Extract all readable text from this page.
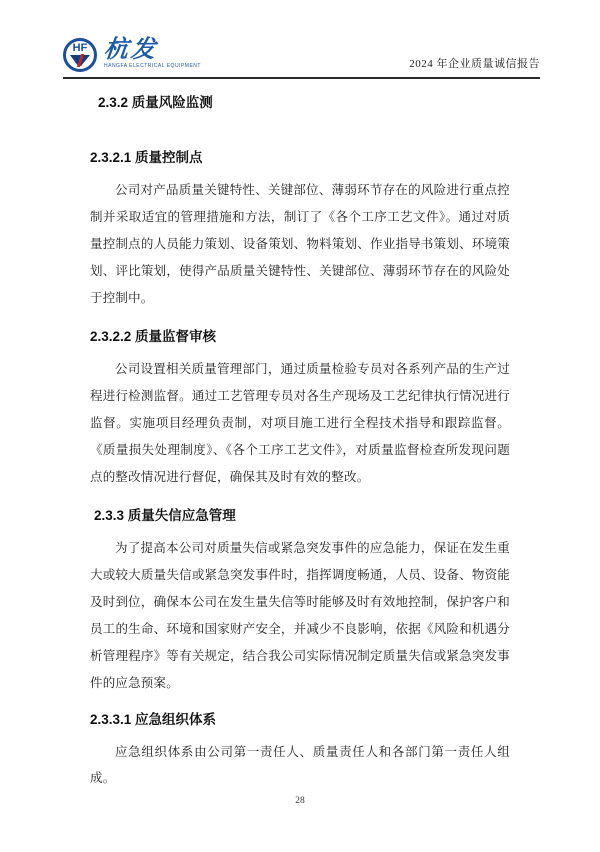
HF 杭发
HANGFA ELECTRICAL EQUIPMENT	2024 年企业质量诚信报告
2.3.2 质量风险监测
2.3.2.1 质量控制点

公司对产品质量关键特性、关键部位、薄弱环节存在的风险进行重点控制并采取适宜的管理措施和方法，制订了《各个工序工艺文件》。通过对质量控制点的人员能力策划、设备策划、物料策划、作业指导书策划、环境策划、评比策划，使得产品质量关键特性、关键部位、薄弱环节存在的风险处于控制中。

2.3.2.2 质量监督审核

公司设置相关质量管理部门，通过质量检验专员对各系列产品的生产过程进行检测监督。通过工艺管理专员对各生产现场及工艺纪律执行情况进行监督。实施项目经理负责制，对项目施工进行全程技术指导和跟踪监督。《质量损失处理制度》、《各个工序工艺文件》，对质量监督检查所发现问题点的整改情况进行督促，确保其及时有效的整改。

2.3.3 质量失信应急管理

为了提高本公司对质量失信或紧急突发事件的应急能力，保证在发生重大或较大质量失信或紧急突发事件时，指挥调度畅通，人员、设备、物资能及时到位，确保本公司在发生量失信等时能够及时有效地控制，保护客户和员工的生命、环境和国家财产安全，并减少不良影响，依据《风险和机遇分析管理程序》等有关规定，结合我公司实际情况制定质量失信或紧急突发事件的应急预案。

2.3.3.1 应急组织体系

应急组织体系由公司第一责任人、质量责任人和各部门第一责任人组成。

28
